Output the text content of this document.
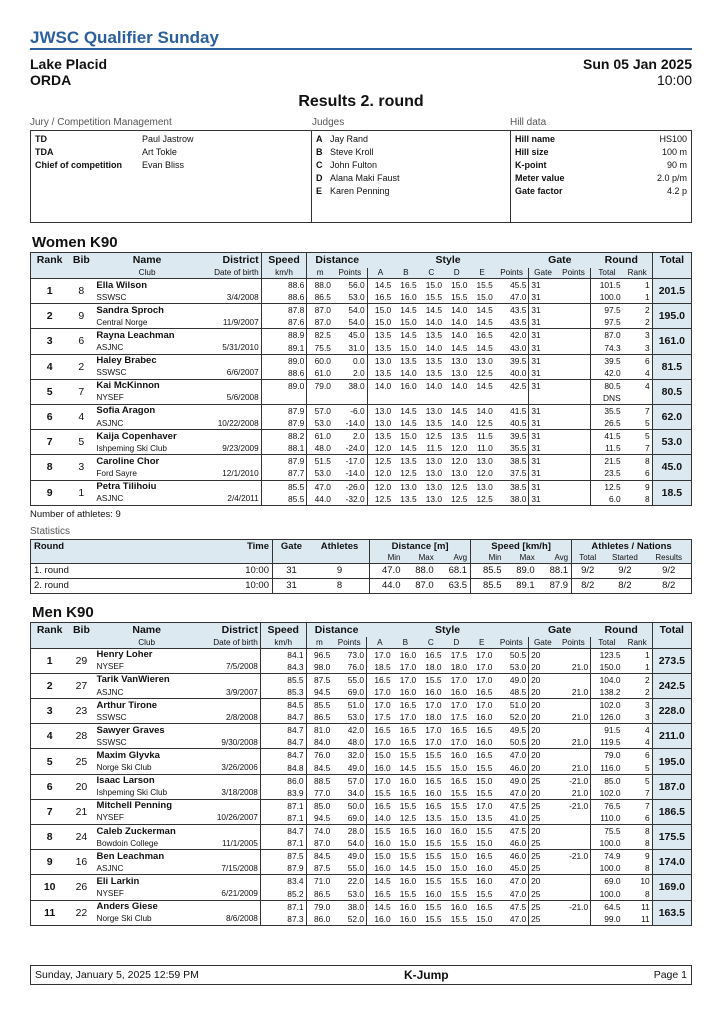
JWSC Qualifier Sunday
Lake Placid	Sun 05 Jan 2025
ORDA	10:00
Results 2. round
Jury / Competition Management
TD	Paul Jastrow
TDA	Art Tokle
Chief of competition	Evan Bliss
Judges
A Jay Rand
B Steve Kroll
C John Fulton
D Alana Maki Faust
E Karen Penning
Hill data
Hill name	HS100
Hill size	100 m
K-point	90 m
Meter value	2.0 p/m
Gate factor	4.2 p
Women K90
Rank	Bib	Name	District	Speed	Distance		Style						Gate		Round		Total
		Club	Date of birth	km/h	m	Points	A	B	C	D	E	Points	Gate	Points	Total	Rank	
1	8	Ella Wilson		88.6	88.0	56.0	14.5	16.5	15.0	15.0	15.5	45.5	31		101.5	1	201.5
		SSWSC	3/4/2008	88.6	86.5	53.0	16.5	16.0	15.5	15.5	15.0	47.0	31		100.0	1	
2	9	Sandra Sproch		87.8	87.0	54.0	15.0	14.5	14.5	14.0	14.5	43.5	31		97.5	2	195.0
		Central Norge	11/9/2007	87.6	87.0	54.0	15.0	15.0	14.0	14.0	14.5	43.5	31		97.5	2	
3	6	Rayna Leachman		88.9	82.5	45.0	13.5	14.5	13.5	14.0	16.5	42.0	31		87.0	3	161.0
		ASJNC	5/31/2010	89.1	75.5	31.0	13.5	15.0	14.0	14.5	14.5	43.0	31		74.3	3	
4	2	Haley Brabec		89.0	60.0	0.0	13.0	13.5	13.5	13.0	13.0	39.5	31		39.5	6	81.5
		SSWSC	6/6/2007	88.6	61.0	2.0	13.5	14.0	13.5	13.0	12.5	40.0	31		42.0	4	
5	7	Kai McKinnon		89.0	79.0	38.0	14.0	16.0	14.0	14.0	14.5	42.5	31		80.5	4	80.5
		NYSEF	5/6/2008												DNS		
6	4	Sofia Aragon		87.9	57.0	-6.0	13.0	14.5	13.0	14.5	14.0	41.5	31		35.5	7	62.0
		ASJNC	10/22/2008	87.9	53.0	-14.0	13.0	14.5	13.5	14.0	12.5	40.5	31		26.5	5	
7	5	Kaija Copenhaver		88.2	61.0	2.0	13.5	15.0	12.5	13.5	11.5	39.5	31		41.5	5	53.0
		Ishpeming Ski Club	9/23/2009	88.1	48.0	-24.0	12.0	14.5	11.5	12.0	11.0	35.5	31		11.5	7	
8	3	Caroline Chor		87.9	51.5	-17.0	12.5	13.5	13.0	12.0	13.0	38.5	31		21.5	8	45.0
		Ford Sayre	12/1/2010	87.7	53.0	-14.0	12.0	12.5	13.0	13.0	12.0	37.5	31		23.5	6	
9	1	Petra Tilihoiu		85.5	47.0	-26.0	12.0	13.0	13.0	12.5	13.0	38.5	31		12.5	9	18.5
		ASJNC	2/4/2011	85.5	44.0	-32.0	12.5	13.5	13.0	12.5	12.5	38.0	31		6.0	8	
Number of athletes: 9
Statistics
Round	Time	Gate	Athletes	Distance [m]			Speed [km/h]			Athletes / Nations		
				Min	Max	Avg	Min	Max	Avg	Total	Started	Results
1. round	10:00	31	9	47.0	88.0	68.1	85.5	89.0	88.1	9/2	9/2	9/2
2. round	10:00	31	8	44.0	87.0	63.5	85.5	89.1	87.9	8/2	8/2	8/2
Men K90
Rank	Bib	Name	District	Speed	Distance		Style						Gate		Round		Total
		Club	Date of birth	km/h	m	Points	A	B	C	D	E	Points	Gate	Points	Total	Rank	
1	29	Henry Loher		84.1	96.5	73.0	17.0	16.0	16.5	17.5	17.0	50.5	20		123.5	1	273.5
		NYSEF	7/5/2008	84.3	98.0	76.0	18.5	17.0	18.0	18.0	17.0	53.0	20	21.0	150.0	1	
2	27	Tarik VanWieren		85.5	87.5	55.0	16.5	17.0	15.5	17.0	17.0	49.0	20		104.0	2	242.5
		ASJNC	3/9/2007	85.3	94.5	69.0	17.0	16.0	16.0	16.0	16.5	48.5	20	21.0	138.2	2	
3	23	Arthur Tirone		84.5	85.5	51.0	17.0	16.5	17.0	17.0	17.0	51.0	20		102.0	3	228.0
		SSWSC	2/8/2008	84.7	86.5	53.0	17.5	17.0	18.0	17.5	16.0	52.0	20	21.0	126.0	3	
4	28	Sawyer Graves		84.7	81.0	42.0	16.5	16.5	17.0	16.5	16.5	49.5	20		91.5	4	211.0
		SSWSC	9/30/2008	84.7	84.0	48.0	17.0	16.5	17.0	17.0	16.0	50.5	20	21.0	119.5	4	
5	25	Maxim Glyvka		84.7	76.0	32.0	15.0	15.5	15.5	16.0	16.5	47.0	20		79.0	6	195.0
		Norge Ski Club	3/26/2006	84.8	84.5	49.0	16.0	14.5	15.5	15.0	15.5	46.0	20	21.0	116.0	5	
6	20	Isaac Larson		86.0	88.5	57.0	17.0	16.0	16.5	16.5	15.0	49.0	25	-21.0	85.0	5	187.0
		Ishpeming Ski Club	3/18/2008	83.9	77.0	34.0	15.5	16.5	16.0	15.5	15.5	47.0	20	21.0	102.0	7	
7	21	Mitchell Penning		87.1	85.0	50.0	16.5	15.5	16.5	15.5	17.0	47.5	25	-21.0	76.5	7	186.5
		NYSEF	10/26/2007	87.1	94.5	69.0	14.0	12.5	13.5	15.0	13.5	41.0	25		110.0	6	
8	24	Caleb Zuckerman		84.7	74.0	28.0	15.5	16.5	16.0	16.0	15.5	47.5	20		75.5	8	175.5
		Bowdoin College	11/1/2005	87.1	87.0	54.0	16.0	15.0	15.5	15.5	15.0	46.0	25		100.0	8	
9	16	Ben Leachman		87.5	84.5	49.0	15.0	15.5	15.5	15.0	16.5	46.0	25	-21.0	74.9	9	174.0
		ASJNC	7/15/2008	87.9	87.5	55.0	16.0	14.5	15.0	15.0	16.0	45.0	25		100.0	8	
10	26	Eli Larkin		83.4	71.0	22.0	14.5	16.0	15.5	15.5	16.0	47.0	20		69.0	10	169.0
		NYSEF	6/21/2009	85.2	86.5	53.0	16.5	15.5	16.0	15.5	15.5	47.0	25		100.0	8	
11	22	Anders Giese		87.1	79.0	38.0	14.5	16.0	15.5	16.0	16.5	47.5	25	-21.0	64.5	11	163.5
		Norge Ski Club	8/6/2008	87.3	86.0	52.0	16.0	16.0	15.5	15.5	15.0	47.0	25		99.0	11	
Sunday, January 5, 2025 12:59 PM	K-Jump	Page 1
